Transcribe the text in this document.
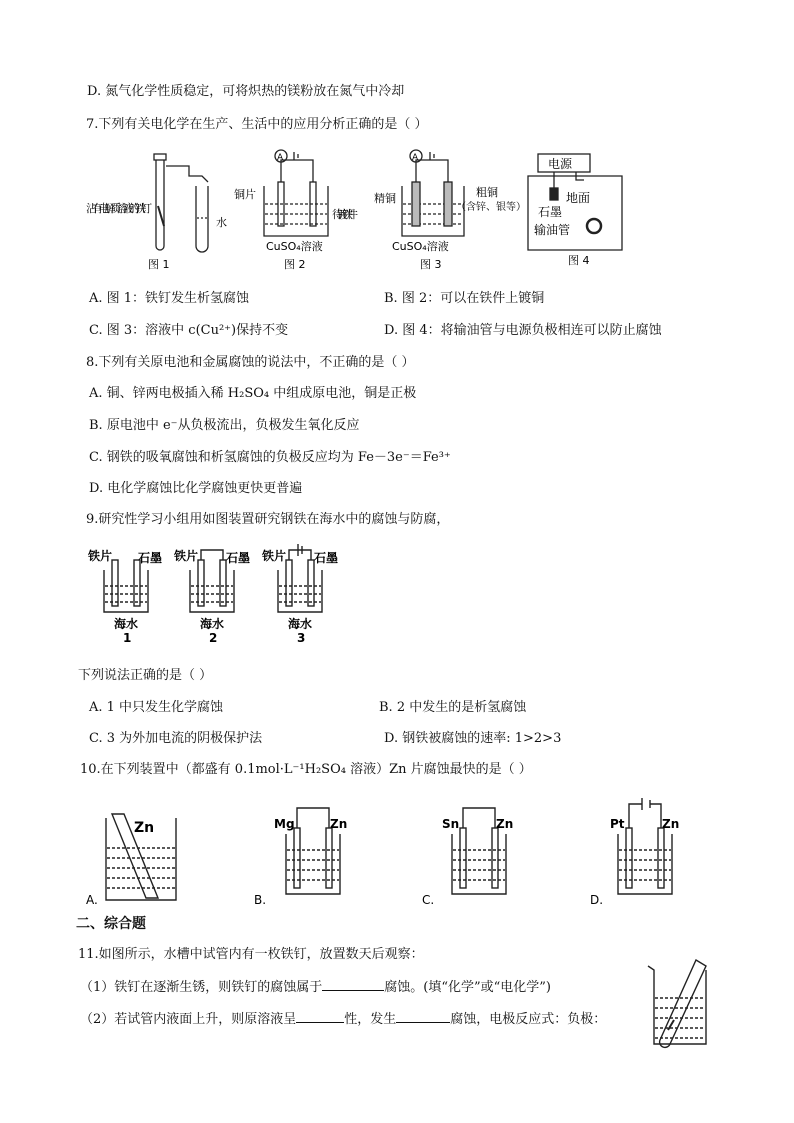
D. 氮气化学性质稳定，可将炽热的镁粉放在氮气中冷却
7.下列有关电化学在生产、生活中的应用分析正确的是（ ）
沾有电解质溶液的铁钉
水
图 1
A
铜片
待镀铁件
CuSO₄溶液
图 2
A
精铜	粗铜
（含锌、银等）
CuSO₄溶液
图 3
电源
地面
石墨
输油管
图 4
A. 图 1：铁钉发生析氢腐蚀	B. 图 2：可以在铁件上镀铜
C. 图 3：溶液中 c(Cu²⁺)保持不变	D. 图 4：将输油管与电源负极相连可以防止腐蚀
8.下列有关原电池和金属腐蚀的说法中，不正确的是（ ）
A. 铜、锌两电极插入稀 H₂SO₄ 中组成原电池，铜是正极
B. 原电池中 e⁻从负极流出，负极发生氧化反应
C. 钢铁的吸氧腐蚀和析氢腐蚀的负极反应均为 Fe－3e⁻＝Fe³⁺
D. 电化学腐蚀比化学腐蚀更快更普遍
9.研究性学习小组用如图装置研究钢铁在海水中的腐蚀与防腐，
铁片 石墨 铁片 石墨 铁片 石墨
海水	海水	海水
1	2	3
下列说法正确的是（ ）
A. 1 中只发生化学腐蚀	B. 2 中发生的是析氢腐蚀
C. 3 为外加电流的阴极保护法	D. 钢铁被腐蚀的速率: 1>2>3
10.在下列装置中（都盛有 0.1mol·L⁻¹H₂SO₄ 溶液）Zn 片腐蚀最快的是（ ）
Zn
A.
Mg	Zn
B.
Sn	Zn
C.
Pt	Zn
D.
二、综合题
11.如图所示，水槽中试管内有一枚铁钉，放置数天后观察：
（1）铁钉在逐渐生锈，则铁钉的腐蚀属于	腐蚀。(填“化学”或“电化学”)
（2）若试管内液面上升，则原溶液呈	性，发生	腐蚀，电极反应式：负极：
